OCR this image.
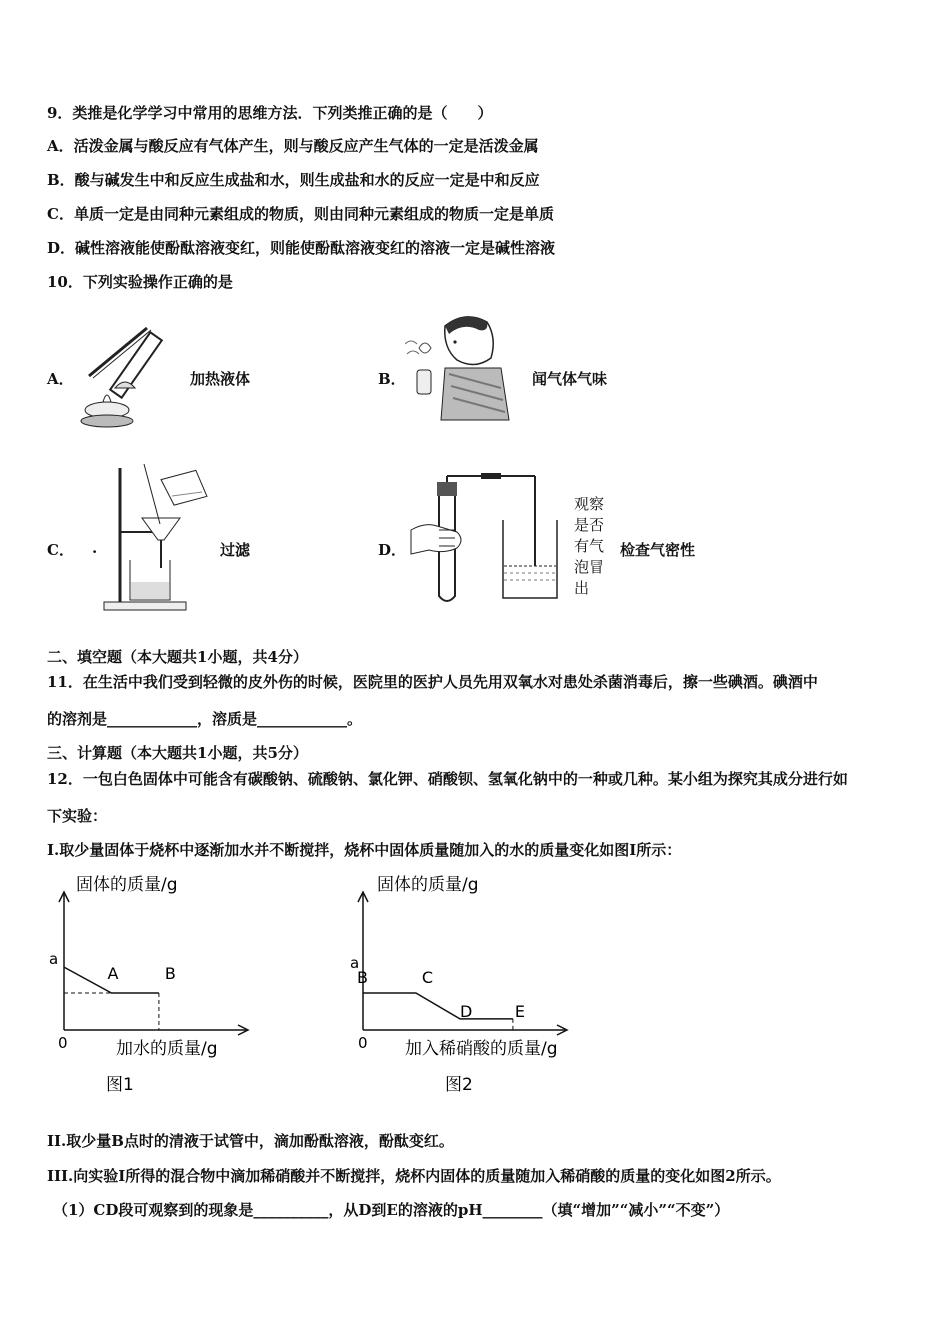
9．类推是化学学习中常用的思维方法．下列类推正确的是（　　）
A．活泼金属与酸反应有气体产生，则与酸反应产生气体的一定是活泼金属
B．酸与碱发生中和反应生成盐和水，则生成盐和水的反应一定是中和反应
C．单质一定是由同种元素组成的物质，则由同种元素组成的物质一定是单质
D．碱性溶液能使酚酞溶液变红，则能使酚酞溶液变红的溶液一定是碱性溶液
10．下列实验操作正确的是
A．	加热液体	B．	闻气体气味
C． .	过滤	D．
观察
是否
有气
泡冒
出
检查气密性
二、填空题（本大题共1小题，共4分）
11．在生活中我们受到轻微的皮外伤的时候，医院里的医护人员先用双氧水对患处杀菌消毒后，擦一些碘酒。碘酒中
的溶剂是____________，溶质是____________。
三、计算题（本大题共1小题，共5分）
12．一包白色固体中可能含有碳酸钠、硫酸钠、氯化钾、硝酸钡、氢氧化钠中的一种或几种。某小组为探究其成分进行如
下实验：
I.取少量固体于烧杯中逐渐加水并不断搅拌，烧杯中固体质量随加入的水的质量变化如图I所示：
固体的质量/g
加水的质量/g
0
a
图1
A	B
固体的质量/g
加入稀硝酸的质量/g
0
a
图2
B	C
D	E
II.取少量B点时的清液于试管中，滴加酚酞溶液，酚酞变红。
III.向实验I所得的混合物中滴加稀硝酸并不断搅拌，烧杯内固体的质量随加入稀硝酸的质量的变化如图2所示。
（1）CD段可观察到的现象是__________，从D到E的溶液的pH________（填“增加”“减小”“不变”）
